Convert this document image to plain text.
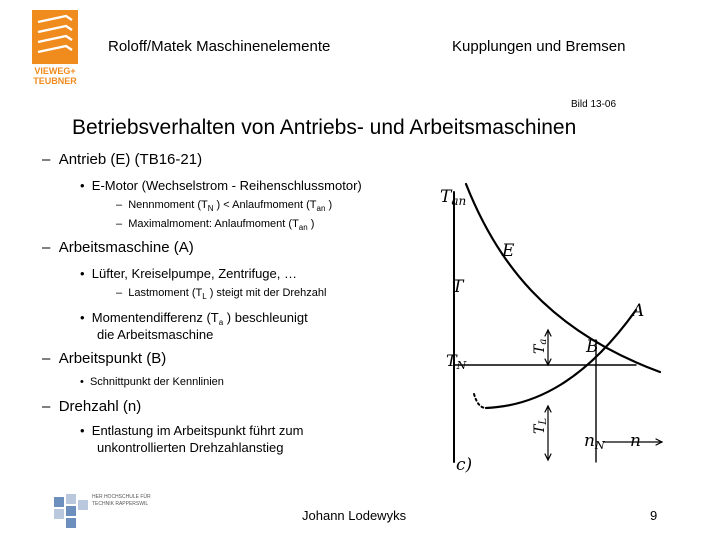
VIEWEG+
TEUBNER
Roloff/Matek Maschinenelemente	Kupplungen und Bremsen
Bild 13-06
Betriebsverhalten von Antriebs- und Arbeitsmaschinen
–  Antrieb (E) (TB16-21)
•  E-Motor (Wechselstrom - Reihenschlussmotor)
–  Nennmoment ($T_N$ ) < Anlaufmoment ($T_{an}$ )
–  Maximalmoment: Anlaufmoment ($T_{an}$ )
–  Arbeitsmaschine (A)
•  Lüfter, Kreiselpumpe, Zentrifuge, …
–  Lastmoment ($T_L$ ) steigt mit der Drehzahl
•  Momentendifferenz ($T_a$ ) beschleunigt
die Arbeitsmaschine
–  Arbeitspunkt (B)
•  Schnittpunkt der Kennlinien
–  Drehzahl (n)
•  Entlastung im Arbeitspunkt führt zum
unkontrollierten Drehzahlanstieg
Tan
E
T
A
B
TN
Ta
TL
nN n
c)
HER HOCHSCHULE FÜR TECHNIK RAPPERSWIL
Johann Lodewyks	9
